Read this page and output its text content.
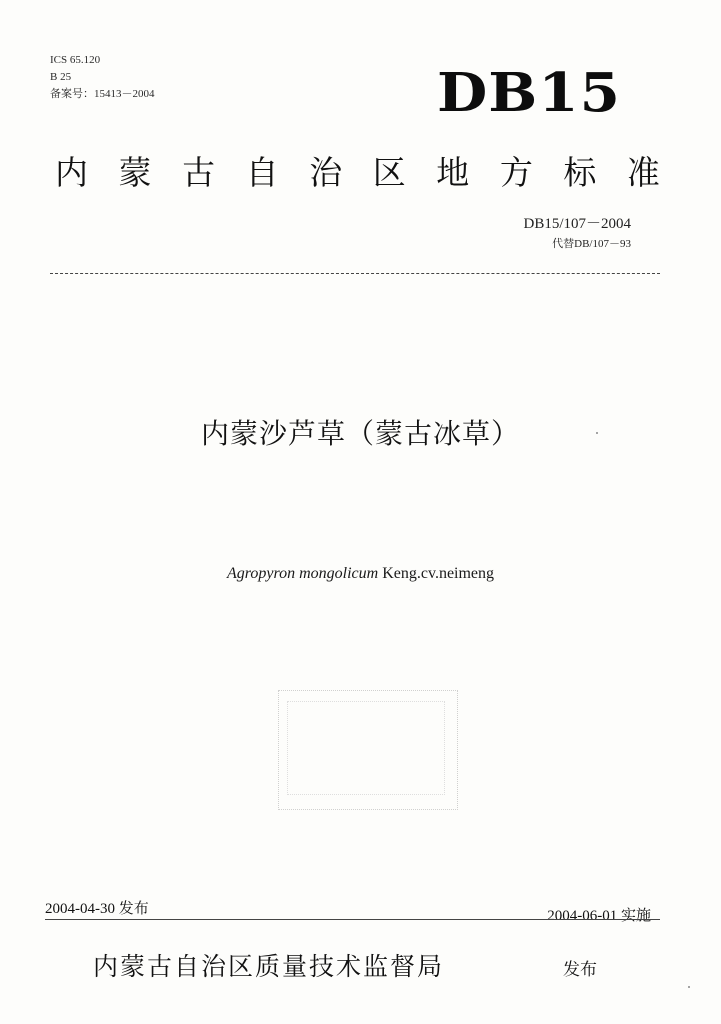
ICS 65.120
B 25
备案号：15413－2004	DB15
内 蒙 古 自 治 区 地 方 标 准
DB15/107－2004
代替DB/107－93
内蒙沙芦草（蒙古冰草）
Agropyron mongolicum Keng.cv.neimeng
2004-04-30 发布	2004-06-01 实施
内蒙古自治区质量技术监督局	发布
